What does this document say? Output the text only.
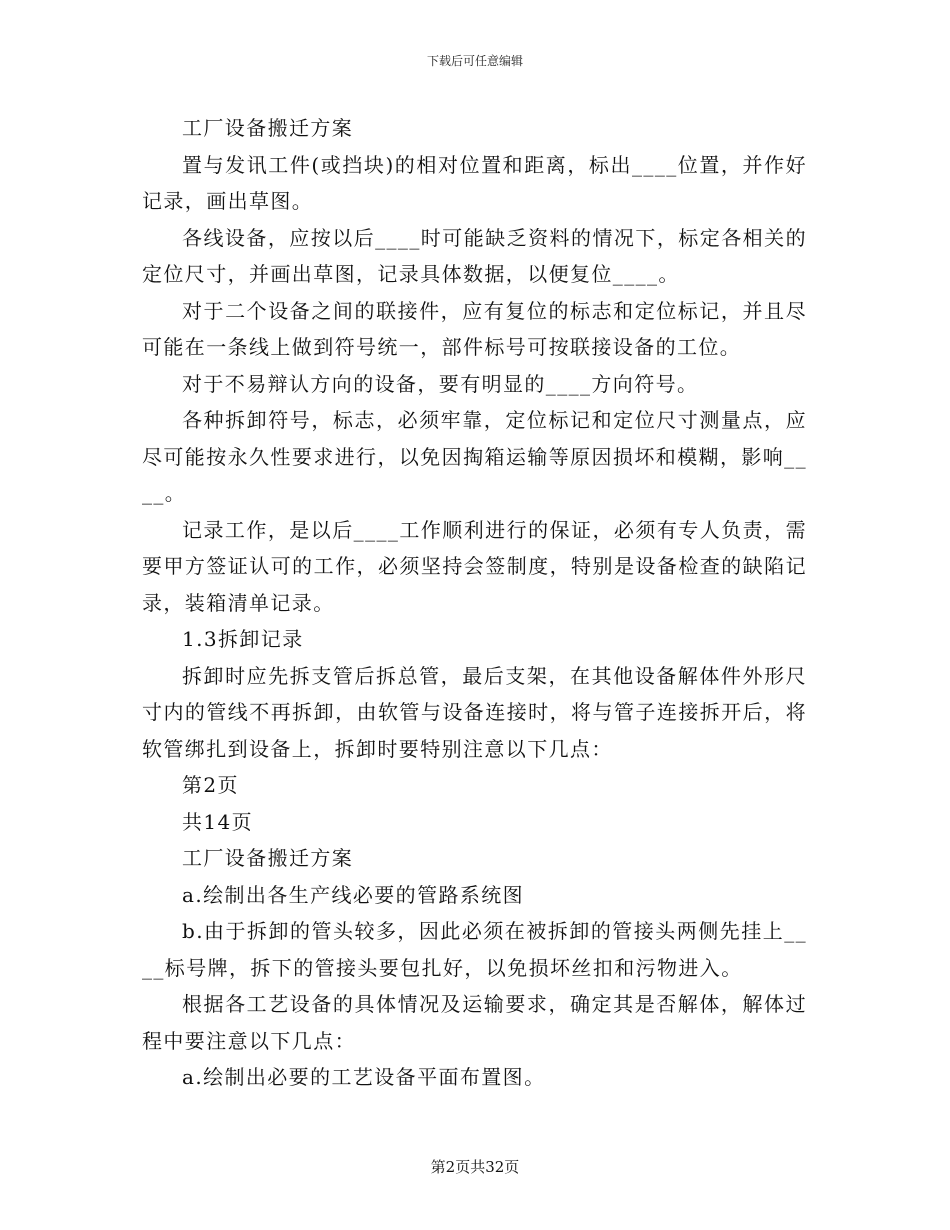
下载后可任意编辑

工厂设备搬迁方案

置与发讯工件(或挡块)的相对位置和距离，标出____位置，并作好记录，画出草图。

各线设备，应按以后____时可能缺乏资料的情况下，标定各相关的定位尺寸，并画出草图，记录具体数据，以便复位____。

对于二个设备之间的联接件，应有复位的标志和定位标记，并且尽可能在一条线上做到符号统一，部件标号可按联接设备的工位。

对于不易辩认方向的设备，要有明显的____方向符号。

各种拆卸符号，标志，必须牢靠，定位标记和定位尺寸测量点，应尽可能按永久性要求进行，以免因掏箱运输等原因损坏和模糊，影响____。

记录工作，是以后____工作顺利进行的保证，必须有专人负责，需要甲方签证认可的工作，必须坚持会签制度，特别是设备检查的缺陷记录，装箱清单记录。

1.3拆卸记录

拆卸时应先拆支管后拆总管，最后支架，在其他设备解体件外形尺寸内的管线不再拆卸，由软管与设备连接时，将与管子连接拆开后，将软管绑扎到设备上，拆卸时要特别注意以下几点：

第2页

共14页

工厂设备搬迁方案

a.绘制出各生产线必要的管路系统图

b.由于拆卸的管头较多，因此必须在被拆卸的管接头两侧先挂上____标号牌，拆下的管接头要包扎好，以免损坏丝扣和污物进入。

根据各工艺设备的具体情况及运输要求，确定其是否解体，解体过程中要注意以下几点：

a.绘制出必要的工艺设备平面布置图。

第2页共32页
